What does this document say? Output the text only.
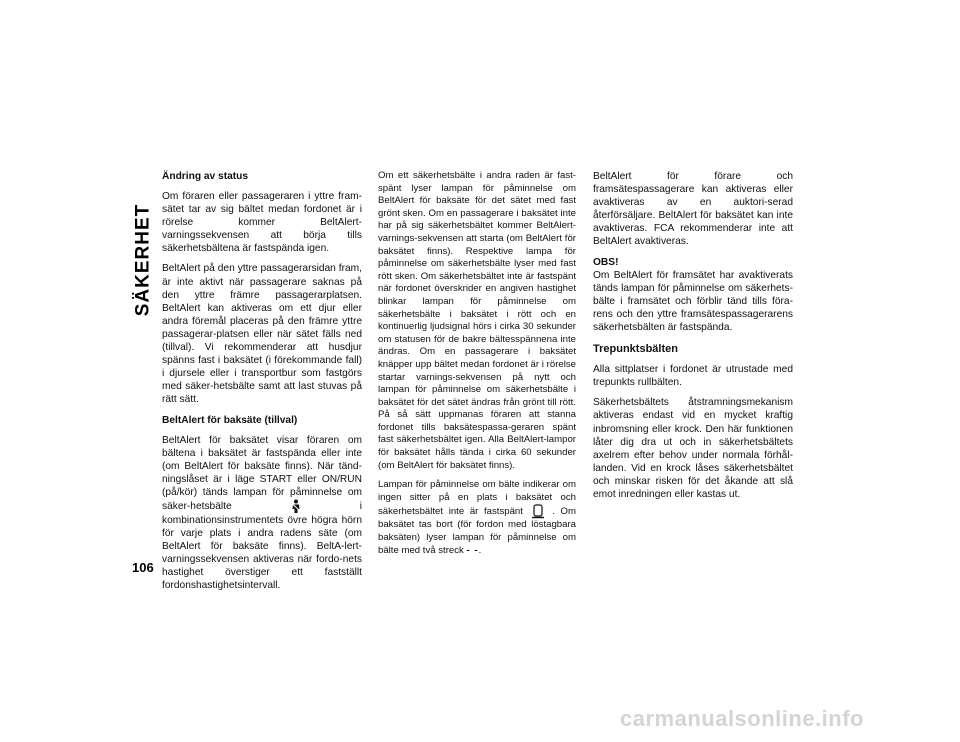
SÄKERHET
Ändring av status

Om föraren eller passageraren i yttre fram-sätet tar av sig bältet medan fordonet är i rörelse kommer BeltAlert-varningssekvensen att börja tills säkerhetsbältena är fastspända igen.

BeltAlert på den yttre passagerarsidan fram, är inte aktivt när passagerare saknas på den yttre främre passagerarplatsen. BeltAlert kan aktiveras om ett djur eller andra föremål placeras på den främre yttre passagerar-platsen eller när sätet fälls ned (tillval). Vi rekommenderar att husdjur spänns fast i baksätet (i förekommande fall) i djursele eller i transportbur som fastgörs med säker-hetsbälte samt att last stuvas på rätt sätt.

BeltAlert för baksäte (tillval)

BeltAlert för baksätet visar föraren om bältena i baksätet är fastspända eller inte (om BeltAlert för baksäte finns). När tänd-ningslåset är i läge START eller ON/RUN (på/kör) tänds lampan för påminnelse om säker-hetsbälte	i kombinationsinstrumentets övre högra hörn för varje plats i andra radens säte (om BeltAlert för baksäte finns). BeltA-lert-varningssekvensen aktiveras när fordo-nets hastighet överstiger ett fastställt fordonshastighetsintervall.

Om ett säkerhetsbälte i andra raden är fast-spänt lyser lampan för påminnelse om BeltAlert för baksäte för det sätet med fast grönt sken. Om en passagerare i baksätet inte har på sig säkerhetsbältet kommer BeltAlert-varnings-sekvensen att starta (om BeltAlert för baksätet finns). Respektive lampa för påminnelse om säkerhetsbälte lyser med fast rött sken. Om säkerhetsbältet inte är fastspänt när fordonet överskrider en angiven hastighet blinkar lampan för påminnelse om säkerhetsbälte i baksätet i rött och en kontinuerlig ljudsignal hörs i cirka 30 sekunder om statusen för de bakre bältesspännena inte ändras. Om en passagerare i baksätet knäpper upp bältet medan fordonet är i rörelse startar varnings-sekvensen på nytt och lampan för påminnelse om säkerhetsbälte i baksätet för det sätet ändras från grönt till rött. På så sätt uppmanas föraren att stanna fordonet tills baksätespassa-geraren spänt fast säkerhetsbältet igen. Alla BeltAlert-lampor för baksätet hålls tända i cirka 60 sekunder (om BeltAlert för baksätet finns).

Lampan för påminnelse om bälte indikerar om ingen sitter på en plats i baksätet och säkerhetsbältet inte är fastspänt	. Om baksätet tas bort (för fordon med löstagbara baksäten) lyser lampan för påminnelse om bälte med två streck - -.

BeltAlert för förare och framsätespassagerare kan aktiveras eller avaktiveras av en auktori-serad återförsäljare. BeltAlert för baksätet kan inte avaktiveras. FCA rekommenderar inte att BeltAlert avaktiveras.

OBS!
Om BeltAlert för framsätet har avaktiverats tänds lampan för påminnelse om säkerhets-bälte i framsätet och förblir tänd tills föra-rens och den yttre framsätespassagerarens säkerhetsbälten är fastspända.

Trepunktsbälten

Alla sittplatser i fordonet är utrustade med trepunkts rullbälten.

Säkerhetsbältets åtstramningsmekanism aktiveras endast vid en mycket kraftig inbromsning eller krock. Den här funktionen låter dig dra ut och in säkerhetsbältets axelrem efter behov under normala förhål-landen. Vid en krock låses säkerhetsbältet och minskar risken för det åkande att slå emot inredningen eller kastas ut.

106
carmanualsonline.info
